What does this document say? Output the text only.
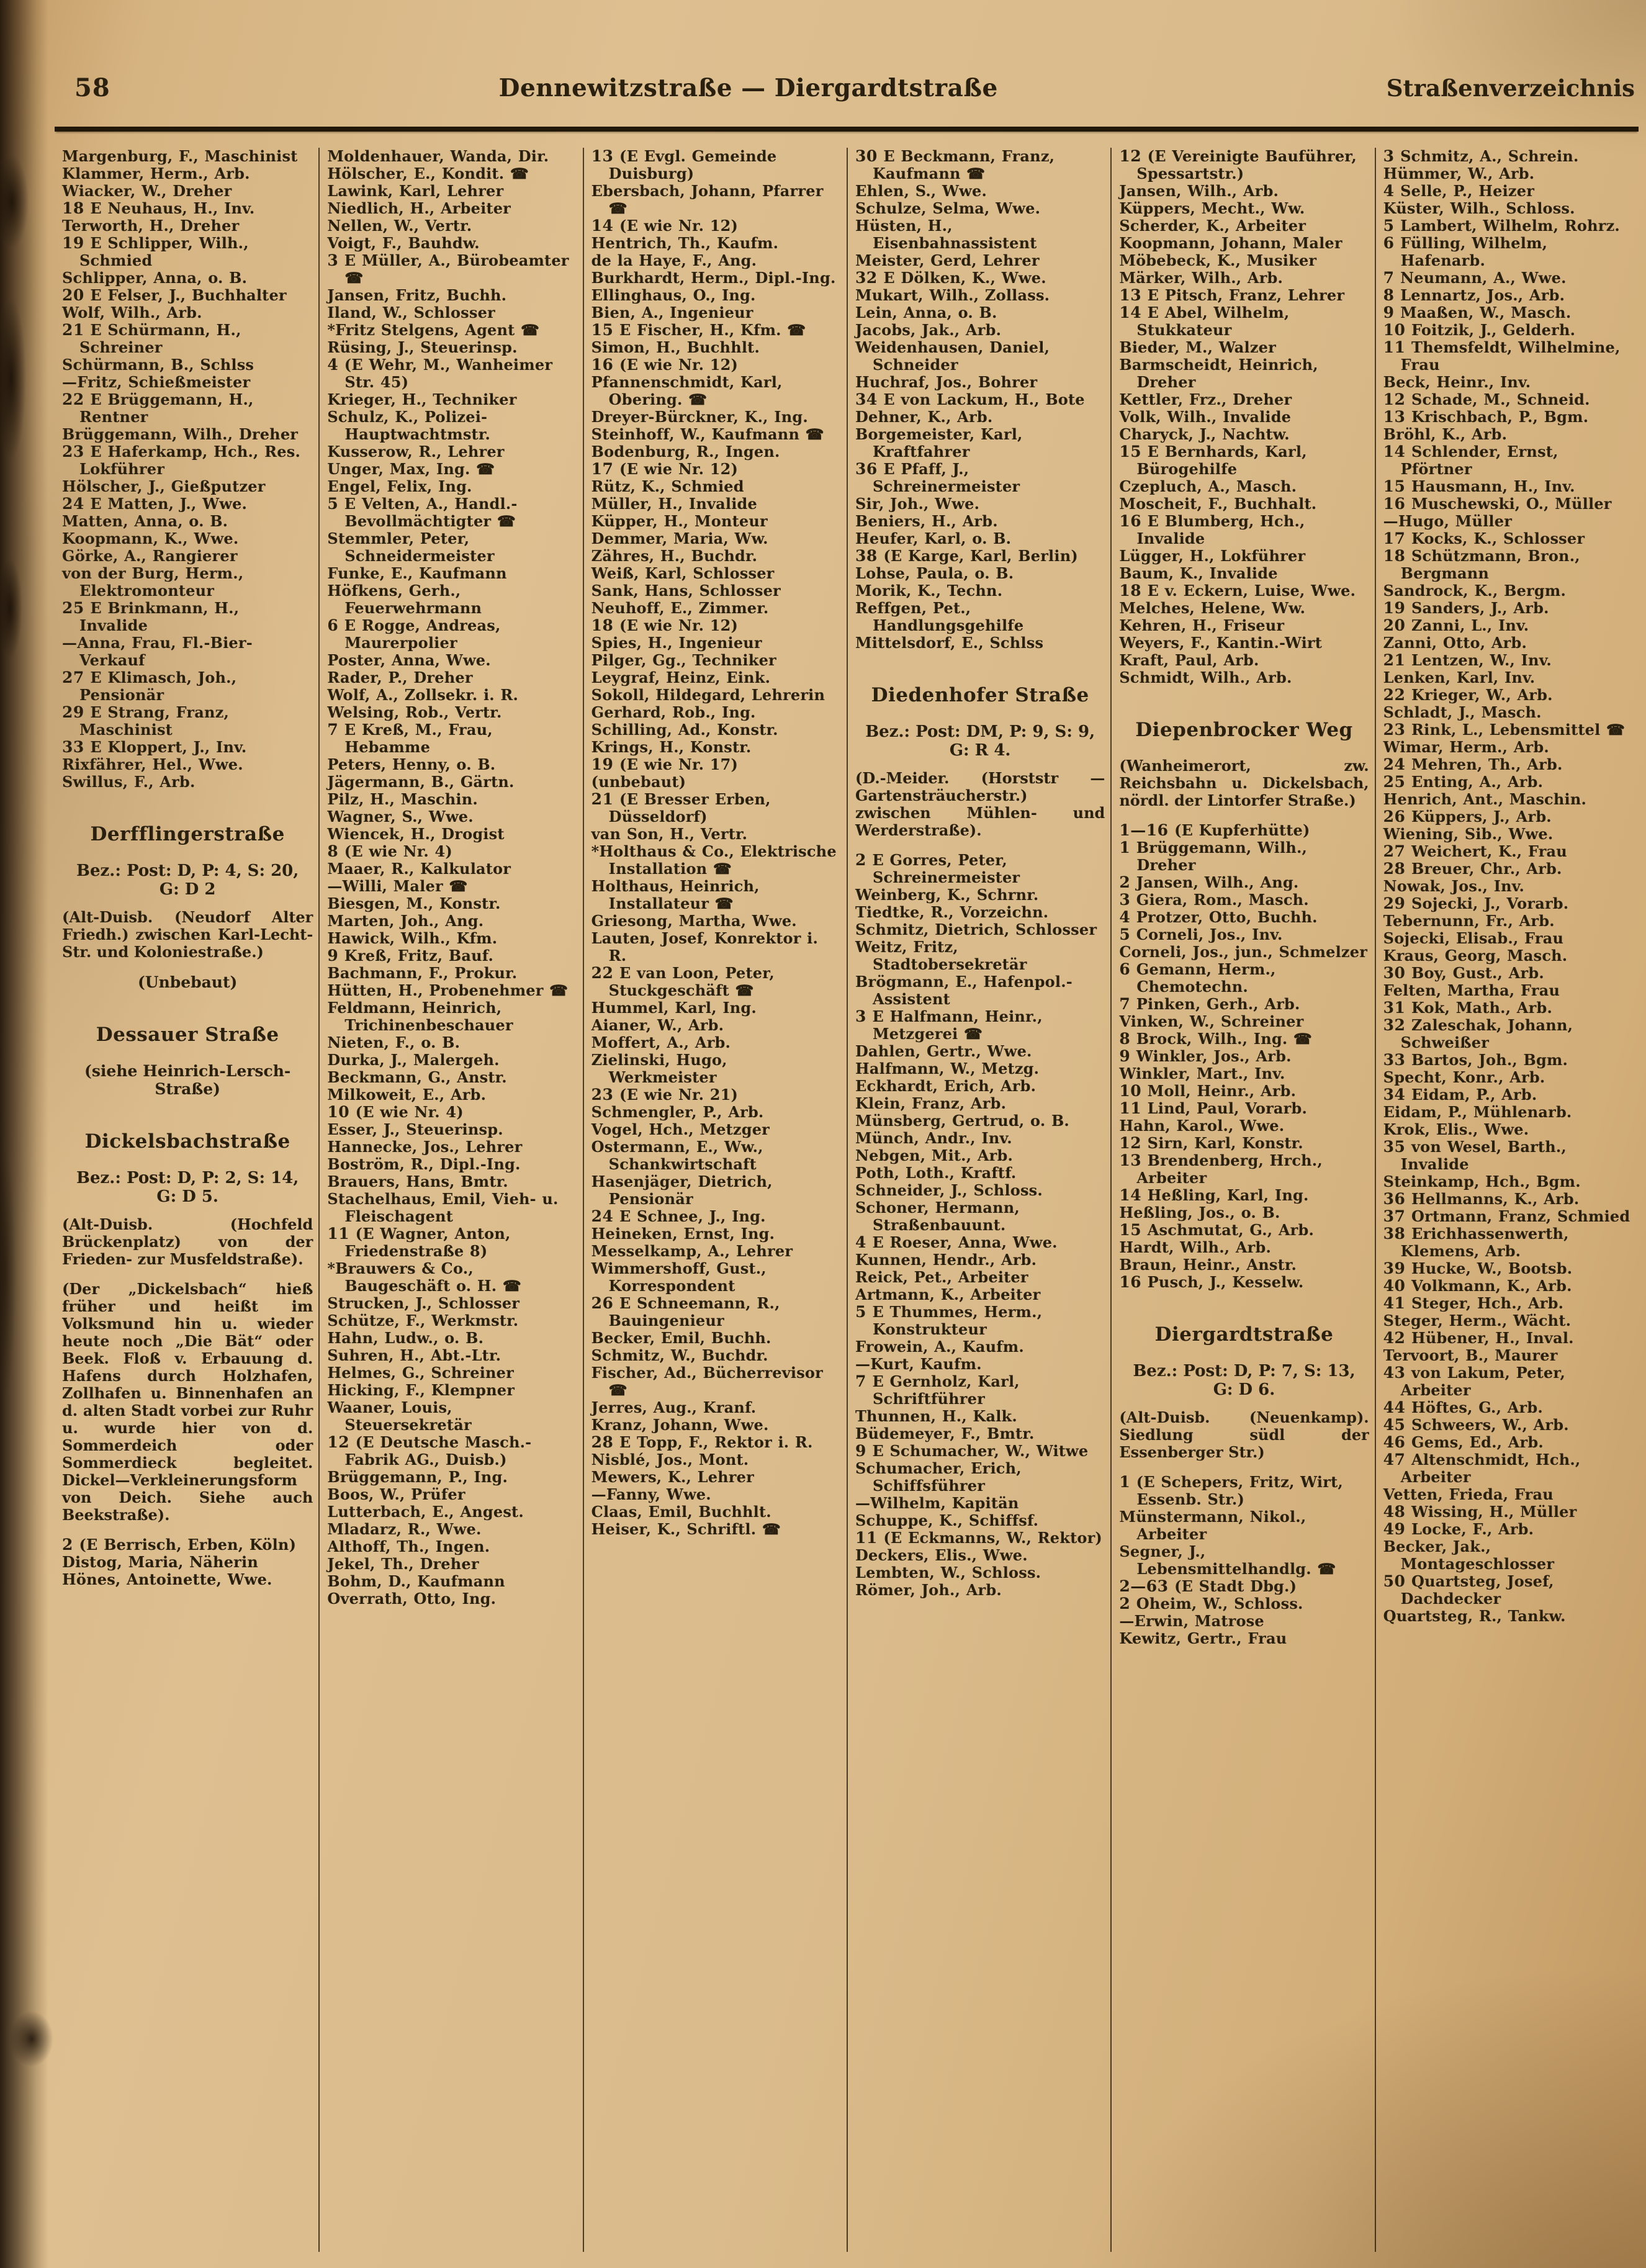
58	Dennewitzstraße — Diergardtstraße	Straßenverzeichnis

Margenburg, F., Maschinist

Klammer, Herm., Arb.

Wiacker, W., Dreher

18 E Neuhaus, H., Inv.

Terworth, H., Dreher

19 E Schlipper, Wilh., Schmied

Schlipper, Anna, o. B.

20 E Felser, J., Buchhalter

Wolf, Wilh., Arb.

21 E Schürmann, H., Schreiner

Schürmann, B., Schlss

—Fritz, Schießmeister

22 E Brüggemann, H., Rentner

Brüggemann, Wilh., Dreher

23 E Haferkamp, Hch., Res. Lokführer

Hölscher, J., Gießputzer

24 E Matten, J., Wwe.

Matten, Anna, o. B.

Koopmann, K., Wwe.

Görke, A., Rangierer

von der Burg, Herm., Elektromonteur

25 E Brinkmann, H., Invalide

—Anna, Frau, Fl.-Bier-Verkauf

27 E Klimasch, Joh., Pensionär

29 E Strang, Franz, Maschinist

33 E Kloppert, J., Inv.

Rixfährer, Hel., Wwe.

Swillus, F., Arb.

Derfflingerstraße

Bez.: Post: D, P: 4, S: 20, G: D 2

(Alt-Duisb. (Neudorf Alter Friedh.) zwischen Karl-Lecht-Str. und Koloniestraße.)

(Unbebaut)

Dessauer Straße

(siehe Heinrich-Lersch-Straße)

Dickelsbachstraße

Bez.: Post: D, P: 2, S: 14, G: D 5.

(Alt-Duisb. (Hochfeld Brückenplatz) von der Frieden- zur Musfeldstraße).

(Der „Dickelsbach“ hieß früher und heißt im Volksmund hin u. wieder heute noch „Die Bät“ oder Beek. Floß v. Erbauung d. Hafens durch Holzhafen, Zollhafen u. Binnenhafen an d. alten Stadt vorbei zur Ruhr u. wurde hier von d. Sommerdeich oder Sommerdieck begleitet. Dickel—Verkleinerungsform von Deich. Siehe auch Beekstraße).

2 (E Berrisch, Erben, Köln)

Distog, Maria, Näherin

Hönes, Antoinette, Wwe.

Moldenhauer, Wanda, Dir.

Hölscher, E., Kondit. ☎

Lawink, Karl, Lehrer

Niedlich, H., Arbeiter

Nellen, W., Vertr.

Voigt, F., Bauhdw.

3 E Müller, A., Bürobeamter ☎

Jansen, Fritz, Buchh.

Iland, W., Schlosser

*Fritz Stelgens, Agent ☎

Rüsing, J., Steuerinsp.

4 (E Wehr, M., Wanheimer Str. 45)

Krieger, H., Techniker

Schulz, K., Polizei-Hauptwachtmstr.

Kusserow, R., Lehrer

Unger, Max, Ing. ☎

Engel, Felix, Ing.

5 E Velten, A., Handl.-Bevollmächtigter ☎

Stemmler, Peter, Schneidermeister

Funke, E., Kaufmann

Höfkens, Gerh., Feuerwehrmann

6 E Rogge, Andreas, Maurerpolier

Poster, Anna, Wwe.

Rader, P., Dreher

Wolf, A., Zollsekr. i. R.

Welsing, Rob., Vertr.

7 E Kreß, M., Frau, Hebamme

Peters, Henny, o. B.

Jägermann, B., Gärtn.

Pilz, H., Maschin.

Wagner, S., Wwe.

Wiencek, H., Drogist

8 (E wie Nr. 4)

Maaer, R., Kalkulator

—Willi, Maler ☎

Biesgen, M., Konstr.

Marten, Joh., Ang.

Hawick, Wilh., Kfm.

9 Kreß, Fritz, Bauf.

Bachmann, F., Prokur.

Hütten, H., Probenehmer ☎

Feldmann, Heinrich, Trichinenbeschauer

Nieten, F., o. B.

Durka, J., Malergeh.

Beckmann, G., Anstr.

Milkoweit, E., Arb.

10 (E wie Nr. 4)

Esser, J., Steuerinsp.

Hannecke, Jos., Lehrer

Boström, R., Dipl.-Ing.

Brauers, Hans, Bmtr.

Stachelhaus, Emil, Vieh- u. Fleischagent

11 (E Wagner, Anton, Friedenstraße 8)

*Brauwers & Co., Baugeschäft o. H. ☎

Strucken, J., Schlosser

Schütze, F., Werkmstr.

Hahn, Ludw., o. B.

Suhren, H., Abt.-Ltr.

Helmes, G., Schreiner

Hicking, F., Klempner

Waaner, Louis, Steuersekretär

12 (E Deutsche Masch.-Fabrik AG., Duisb.)

Brüggemann, P., Ing.

Boos, W., Prüfer

Lutterbach, E., Angest.

Mladarz, R., Wwe.

Althoff, Th., Ingen.

Jekel, Th., Dreher

Bohm, D., Kaufmann

Overrath, Otto, Ing.

13 (E Evgl. Gemeinde Duisburg)

Ebersbach, Johann, Pfarrer ☎

14 (E wie Nr. 12)

Hentrich, Th., Kaufm.

de la Haye, F., Ang.

Burkhardt, Herm., Dipl.-Ing.

Ellinghaus, O., Ing.

Bien, A., Ingenieur

15 E Fischer, H., Kfm. ☎

Simon, H., Buchhlt.

16 (E wie Nr. 12)

Pfannenschmidt, Karl, Obering. ☎

Dreyer-Bürckner, K., Ing.

Steinhoff, W., Kaufmann ☎

Bodenburg, R., Ingen.

17 (E wie Nr. 12)

Rütz, K., Schmied

Müller, H., Invalide

Küpper, H., Monteur

Demmer, Maria, Ww.

Zähres, H., Buchdr.

Weiß, Karl, Schlosser

Sank, Hans, Schlosser

Neuhoff, E., Zimmer.

18 (E wie Nr. 12)

Spies, H., Ingenieur

Pilger, Gg., Techniker

Leygraf, Heinz, Eink.

Sokoll, Hildegard, Lehrerin

Gerhard, Rob., Ing.

Schilling, Ad., Konstr.

Krings, H., Konstr.

19 (E wie Nr. 17)

(unbebaut)

21 (E Bresser Erben, Düsseldorf)

van Son, H., Vertr.

*Holthaus & Co., Elektrische Installation ☎

Holthaus, Heinrich, Installateur ☎

Griesong, Martha, Wwe.

Lauten, Josef, Konrektor i. R.

22 E van Loon, Peter, Stuckgeschäft ☎

Hummel, Karl, Ing.

Aianer, W., Arb.

Moffert, A., Arb.

Zielinski, Hugo, Werkmeister

23 (E wie Nr. 21)

Schmengler, P., Arb.

Vogel, Hch., Metzger

Ostermann, E., Ww., Schankwirtschaft

Hasenjäger, Dietrich, Pensionär

24 E Schnee, J., Ing.

Heineken, Ernst, Ing.

Messelkamp, A., Lehrer

Wimmershoff, Gust., Korrespondent

26 E Schneemann, R., Bauingenieur

Becker, Emil, Buchh.

Schmitz, W., Buchdr.

Fischer, Ad., Bücherrevisor ☎

Jerres, Aug., Kranf.

Kranz, Johann, Wwe.

28 E Topp, F., Rektor i. R.

Nisblé, Jos., Mont.

Mewers, K., Lehrer

—Fanny, Wwe.

Claas, Emil, Buchhlt.

Heiser, K., Schriftl. ☎

30 E Beckmann, Franz, Kaufmann ☎

Ehlen, S., Wwe.

Schulze, Selma, Wwe.

Hüsten, H., Eisenbahnassistent

Meister, Gerd, Lehrer

32 E Dölken, K., Wwe.

Mukart, Wilh., Zollass.

Lein, Anna, o. B.

Jacobs, Jak., Arb.

Weidenhausen, Daniel, Schneider

Huchraf, Jos., Bohrer

34 E von Lackum, H., Bote

Dehner, K., Arb.

Borgemeister, Karl, Kraftfahrer

36 E Pfaff, J., Schreinermeister

Sir, Joh., Wwe.

Beniers, H., Arb.

Heufer, Karl, o. B.

38 (E Karge, Karl, Berlin)

Lohse, Paula, o. B.

Morik, K., Techn.

Reffgen, Pet., Handlungsgehilfe

Mittelsdorf, E., Schlss

Diedenhofer Straße

Bez.: Post: DM, P: 9, S: 9, G: R 4.

(D.-Meider. (Horststr — Gartensträucherstr.) zwischen Mühlen- und Werderstraße).

2 E Gorres, Peter, Schreinermeister

Weinberg, K., Schrnr.

Tiedtke, R., Vorzeichn.

Schmitz, Dietrich, Schlosser

Weitz, Fritz, Stadtobersekretär

Brögmann, E., Hafenpol.-Assistent

3 E Halfmann, Heinr., Metzgerei ☎

Dahlen, Gertr., Wwe.

Halfmann, W., Metzg.

Eckhardt, Erich, Arb.

Klein, Franz, Arb.

Münsberg, Gertrud, o. B.

Münch, Andr., Inv.

Nebgen, Mit., Arb.

Poth, Loth., Kraftf.

Schneider, J., Schloss.

Schoner, Hermann, Straßenbauunt.

4 E Roeser, Anna, Wwe.

Kunnen, Hendr., Arb.

Reick, Pet., Arbeiter

Artmann, K., Arbeiter

5 E Thummes, Herm., Konstrukteur

Frowein, A., Kaufm.

—Kurt, Kaufm.

7 E Gernholz, Karl, Schriftführer

Thunnen, H., Kalk.

Büdemeyer, F., Bmtr.

9 E Schumacher, W., Witwe

Schumacher, Erich, Schiffsführer

—Wilhelm, Kapitän

Schuppe, K., Schiffsf.

11 (E Eckmanns, W., Rektor)

Deckers, Elis., Wwe.

Lembten, W., Schloss.

Römer, Joh., Arb.

12 (E Vereinigte Bauführer, Spessartstr.)

Jansen, Wilh., Arb.

Küppers, Mecht., Ww.

Scherder, K., Arbeiter

Koopmann, Johann, Maler

Möbebeck, K., Musiker

Märker, Wilh., Arb.

13 E Pitsch, Franz, Lehrer

14 E Abel, Wilhelm, Stukkateur

Bieder, M., Walzer

Barmscheidt, Heinrich, Dreher

Kettler, Frz., Dreher

Volk, Wilh., Invalide

Charyck, J., Nachtw.

15 E Bernhards, Karl, Bürogehilfe

Czepluch, A., Masch.

Moscheit, F., Buchhalt.

16 E Blumberg, Hch., Invalide

Lügger, H., Lokführer

Baum, K., Invalide

18 E v. Eckern, Luise, Wwe.

Melches, Helene, Ww.

Kehren, H., Friseur

Weyers, F., Kantin.-Wirt

Kraft, Paul, Arb.

Schmidt, Wilh., Arb.

Diepenbrocker Weg

(Wanheimerort, zw. Reichsbahn u. Dickelsbach, nördl. der Lintorfer Straße.)

1—16 (E Kupferhütte)

1 Brüggemann, Wilh., Dreher

2 Jansen, Wilh., Ang.

3 Giera, Rom., Masch.

4 Protzer, Otto, Buchh.

5 Corneli, Jos., Inv.

Corneli, Jos., jun., Schmelzer

6 Gemann, Herm., Chemotechn.

7 Pinken, Gerh., Arb.

Vinken, W., Schreiner

8 Brock, Wilh., Ing. ☎

9 Winkler, Jos., Arb.

Winkler, Mart., Inv.

10 Moll, Heinr., Arb.

11 Lind, Paul, Vorarb.

Hahn, Karol., Wwe.

12 Sirn, Karl, Konstr.

13 Brendenberg, Hrch., Arbeiter

14 Heßling, Karl, Ing.

Heßling, Jos., o. B.

15 Aschmutat, G., Arb.

Hardt, Wilh., Arb.

Braun, Heinr., Anstr.

16 Pusch, J., Kesselw.

Diergardtstraße

Bez.: Post: D, P: 7, S: 13, G: D 6.

(Alt-Duisb. (Neuenkamp). Siedlung südl der Essenberger Str.)

1 (E Schepers, Fritz, Wirt, Essenb. Str.)

Münstermann, Nikol., Arbeiter

Segner, J., Lebensmittelhandlg. ☎

2—63 (E Stadt Dbg.)

2 Oheim, W., Schloss.

—Erwin, Matrose

Kewitz, Gertr., Frau

3 Schmitz, A., Schrein.

Hümmer, W., Arb.

4 Selle, P., Heizer

Küster, Wilh., Schloss.

5 Lambert, Wilhelm, Rohrz.

6 Fülling, Wilhelm, Hafenarb.

7 Neumann, A., Wwe.

8 Lennartz, Jos., Arb.

9 Maaßen, W., Masch.

10 Foitzik, J., Gelderh.

11 Themsfeldt, Wilhelmine, Frau

Beck, Heinr., Inv.

12 Schade, M., Schneid.

13 Krischbach, P., Bgm.

Bröhl, K., Arb.

14 Schlender, Ernst, Pförtner

15 Hausmann, H., Inv.

16 Muschewski, O., Müller

—Hugo, Müller

17 Kocks, K., Schlosser

18 Schützmann, Bron., Bergmann

Sandrock, K., Bergm.

19 Sanders, J., Arb.

20 Zanni, L., Inv.

Zanni, Otto, Arb.

21 Lentzen, W., Inv.

Lenken, Karl, Inv.

22 Krieger, W., Arb.

Schladt, J., Masch.

23 Rink, L., Lebensmittel ☎

Wimar, Herm., Arb.

24 Mehren, Th., Arb.

25 Enting, A., Arb.

Henrich, Ant., Maschin.

26 Küppers, J., Arb.

Wiening, Sib., Wwe.

27 Weichert, K., Frau

28 Breuer, Chr., Arb.

Nowak, Jos., Inv.

29 Sojecki, J., Vorarb.

Tebernunn, Fr., Arb.

Sojecki, Elisab., Frau

Kraus, Georg, Masch.

30 Boy, Gust., Arb.

Felten, Martha, Frau

31 Kok, Math., Arb.

32 Zaleschak, Johann, Schweißer

33 Bartos, Joh., Bgm.

Specht, Konr., Arb.

34 Eidam, P., Arb.

Eidam, P., Mühlenarb.

Krok, Elis., Wwe.

35 von Wesel, Barth., Invalide

Steinkamp, Hch., Bgm.

36 Hellmanns, K., Arb.

37 Ortmann, Franz, Schmied

38 Erichhassenwerth, Klemens, Arb.

39 Hucke, W., Bootsb.

40 Volkmann, K., Arb.

41 Steger, Hch., Arb.

Steger, Herm., Wächt.

42 Hübener, H., Inval.

Tervoort, B., Maurer

43 von Lakum, Peter, Arbeiter

44 Höftes, G., Arb.

45 Schweers, W., Arb.

46 Gems, Ed., Arb.

47 Altenschmidt, Hch., Arbeiter

Vetten, Frieda, Frau

48 Wissing, H., Müller

49 Locke, F., Arb.

Becker, Jak., Montageschlosser

50 Quartsteg, Josef, Dachdecker

Quartsteg, R., Tankw.
